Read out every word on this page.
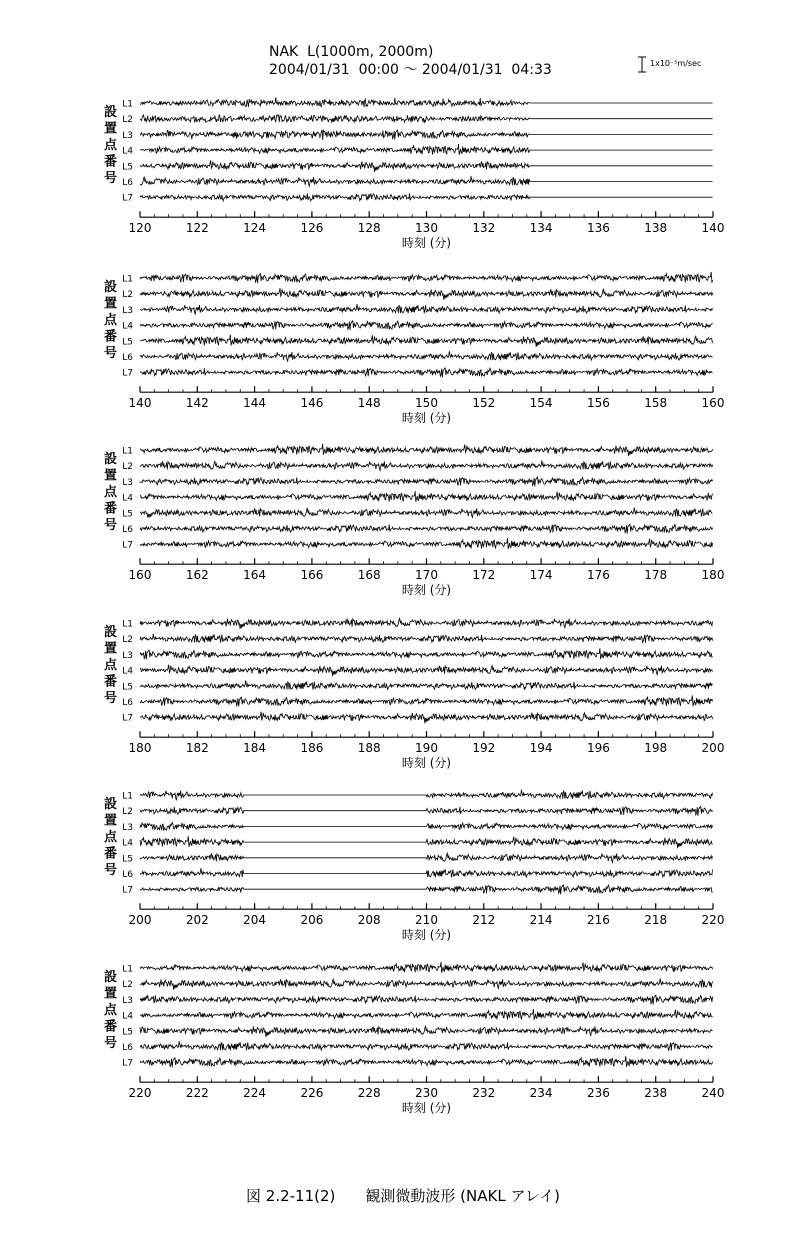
NAK  L(1000m, 2000m)
2004/01/31  00:00 ～ 2004/01/31  04:33	1x10⁻⁵m/sec
L1
L2
L3
L4
L5
L6
L7
設
置
点
番
号
120	122	124	126	128	130	132	134	136	138	140
時刻 (分)
L1
L2
L3
L4
L5
L6
L7
設
置
点
番
号
140	142	144	146	148	150	152	154	156	158	160
時刻 (分)
L1
L2
L3
L4
L5
L6
L7
設
置
点
番
号
160	162	164	166	168	170	172	174	176	178	180
時刻 (分)
L1
L2
L3
L4
L5
L6
L7
設
置
点
番
号
180	182	184	186	188	190	192	194	196	198	200
時刻 (分)
L1
L2
L3
L4
L5
L6
L7
設
置
点
番
号
200	202	204	206	208	210	212	214	216	218	220
時刻 (分)
L1
L2
L3
L4
L5
L6
L7
設
置
点
番
号
220	222	224	226	228	230	232	234	236	238	240
時刻 (分)
図 2.2-11(2) 観測微動波形 (NAKL アレイ)
